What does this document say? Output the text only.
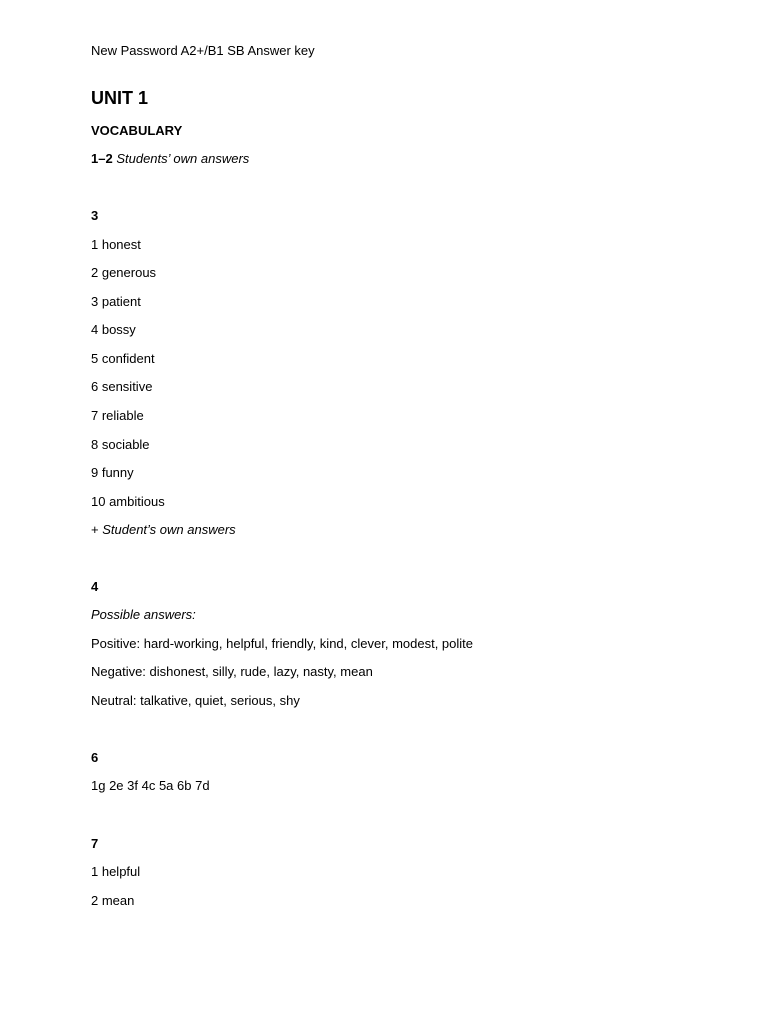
New Password A2+/B1 SB Answer key
UNIT 1
VOCABULARY
1–2 Students’ own answers
3
1 honest
2 generous
3 patient
4 bossy
5 confident
6 sensitive
7 reliable
8 sociable
9 funny
10 ambitious
+ Student’s own answers
4
Possible answers:
Positive: hard-working, helpful, friendly, kind, clever, modest, polite
Negative: dishonest, silly, rude, lazy, nasty, mean
Neutral: talkative, quiet, serious, shy
6
1g 2e 3f 4c 5a 6b 7d
7
1 helpful
2 mean
